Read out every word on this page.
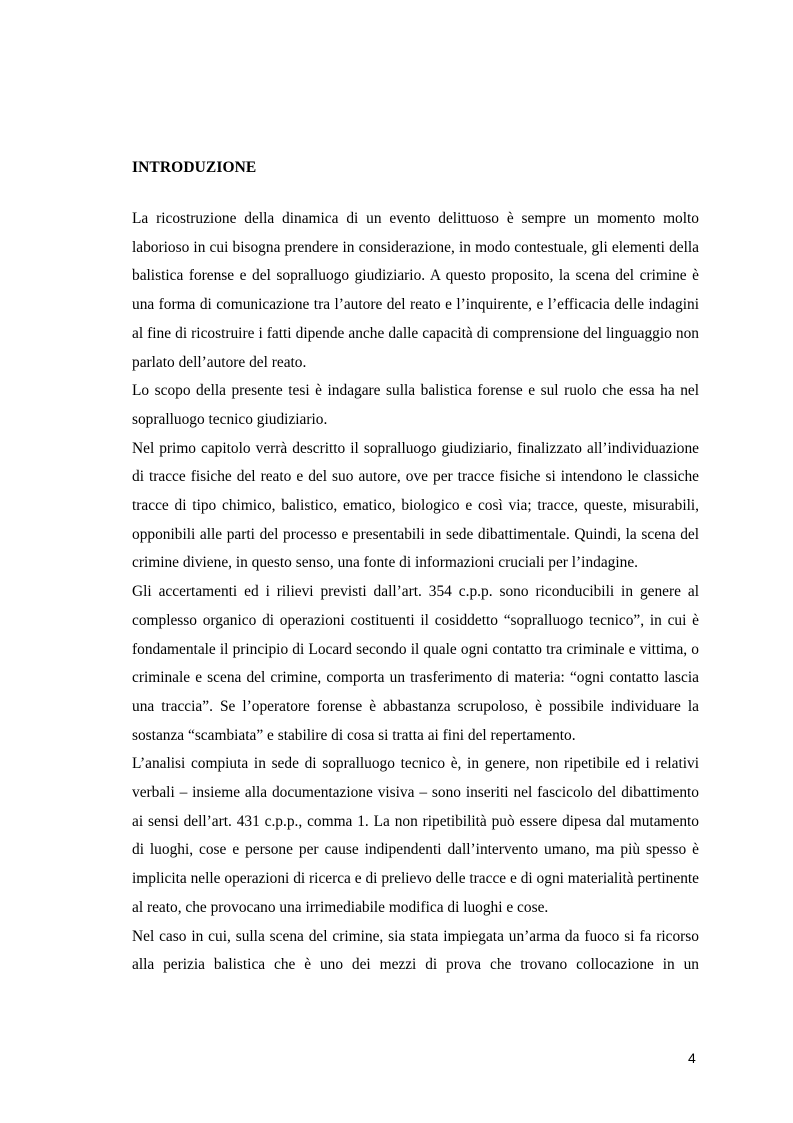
INTRODUZIONE

La ricostruzione della dinamica di un evento delittuoso è sempre un momento molto laborioso in cui bisogna prendere in considerazione, in modo contestuale, gli elementi della balistica forense e del sopralluogo giudiziario. A questo proposito, la scena del crimine è una forma di comunicazione tra l’autore del reato e l’inquirente, e l’efficacia delle indagini al fine di ricostruire i fatti dipende anche dalle capacità di comprensione del linguaggio non parlato dell’autore del reato.

Lo scopo della presente tesi è indagare sulla balistica forense e sul ruolo che essa ha nel sopralluogo tecnico giudiziario.

Nel primo capitolo verrà descritto il sopralluogo giudiziario, finalizzato all’individuazione di tracce fisiche del reato e del suo autore, ove per tracce fisiche si intendono le classiche tracce di tipo chimico, balistico, ematico, biologico e così via; tracce, queste, misurabili, opponibili alle parti del processo e presentabili in sede dibattimentale. Quindi, la scena del crimine diviene, in questo senso, una fonte di informazioni cruciali per l’indagine.

Gli accertamenti ed i rilievi previsti dall’art. 354 c.p.p. sono riconducibili in genere al complesso organico di operazioni costituenti il cosiddetto “sopralluogo tecnico”, in cui è fondamentale il principio di Locard secondo il quale ogni contatto tra criminale e vittima, o criminale e scena del crimine, comporta un trasferimento di materia: “ogni contatto lascia una traccia”. Se l’operatore forense è abbastanza scrupoloso, è possibile individuare la sostanza “scambiata” e stabilire di cosa si tratta ai fini del repertamento.

L’analisi compiuta in sede di sopralluogo tecnico è, in genere, non ripetibile ed i relativi verbali – insieme alla documentazione visiva – sono inseriti nel fascicolo del dibattimento ai sensi dell’art. 431 c.p.p., comma 1. La non ripetibilità può essere dipesa dal mutamento di luoghi, cose e persone per cause indipendenti dall’intervento umano, ma più spesso è implicita nelle operazioni di ricerca e di prelievo delle tracce e di ogni materialità pertinente al reato, che provocano una irrimediabile modifica di luoghi e cose.

Nel caso in cui, sulla scena del crimine, sia stata impiegata un’arma da fuoco si fa ricorso alla perizia balistica che è uno dei mezzi di prova che trovano collocazione in un

4
